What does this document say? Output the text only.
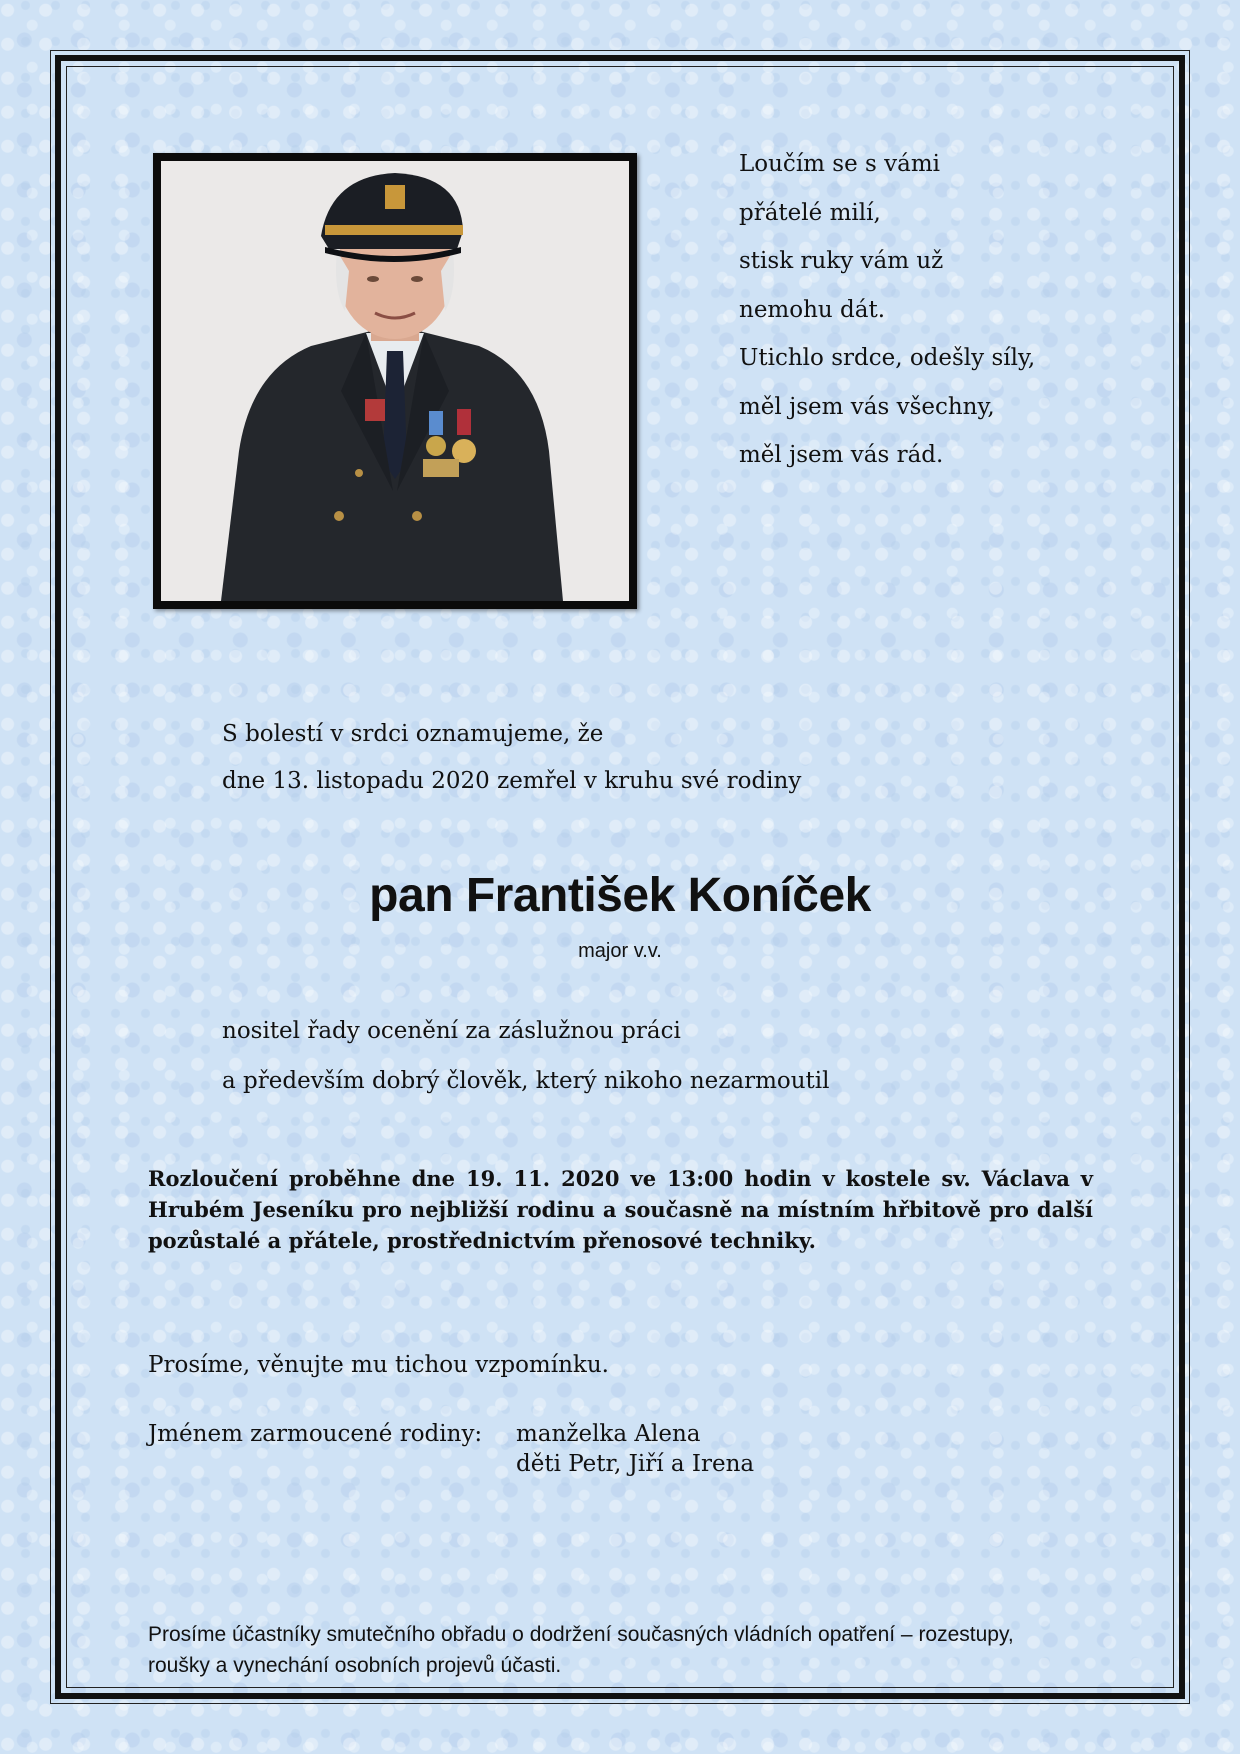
Loučím se s vámi
přátelé milí,
stisk ruky vám už
nemohu dát.
Utichlo srdce, odešly síly,
měl jsem vás všechny,
měl jsem vás rád.
S bolestí v srdci oznamujeme, že
dne 13. listopadu 2020 zemřel v kruhu své rodiny
pan František Koníček
major v.v.
nositel řady ocenění za záslužnou práci
a především dobrý člověk, který nikoho nezarmoutil
Rozloučení proběhne dne 19. 11. 2020 ve 13:00 hodin v kostele sv. Václava v Hrubém Jeseníku pro nejbližší rodinu a současně na místním hřbitově pro další pozůstalé a přátele, prostřednictvím přenosové techniky.
Prosíme, věnujte mu tichou vzpomínku.
Jménem zarmoucené rodiny: manželka Alena
děti Petr, Jiří a Irena
Prosíme účastníky smutečního obřadu o dodržení současných vládních opatření – rozestupy,
roušky a vynechání osobních projevů účasti.
